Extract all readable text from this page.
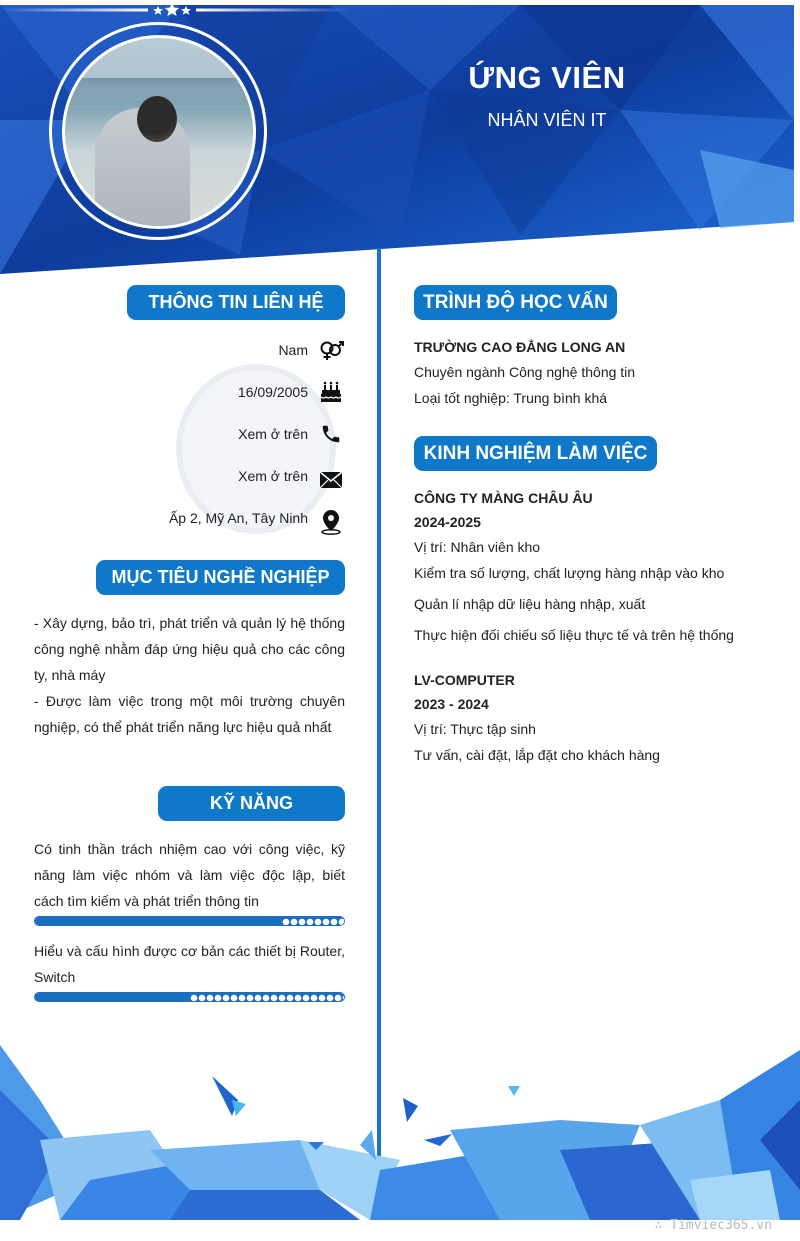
ỨNG VIÊN
NHÂN VIÊN IT
THÔNG TIN LIÊN HỆ
Nam
16/09/2005
Xem ở trên
Xem ở trên
Ấp 2, Mỹ An, Tây Ninh
MỤC TIÊU NGHỀ NGHIỆP
- Xây dựng, bảo trì, phát triển và quản lý hệ thống công nghệ nhằm đáp ứng hiệu quả cho các công ty, nhà máy
- Được làm việc trong một môi trường chuyên nghiệp, có thể phát triển năng lực hiệu quả nhất
KỸ NĂNG
Có tinh thần trách nhiệm cao với công việc, kỹ năng làm việc nhóm và làm việc độc lập, biết cách tìm kiếm và phát triển thông tin
Hiểu và cấu hình được cơ bản các thiết bị Router, Switch
TRÌNH ĐỘ HỌC VẤN
TRƯỜNG CAO ĐẲNG LONG AN
Chuyên ngành Công nghệ thông tin
Loại tốt nghiệp: Trung bình khá
KINH NGHIỆM LÀM VIỆC
CÔNG TY MÀNG CHÂU ÂU
2024-2025
Vị trí: Nhân viên kho
Kiểm tra số lượng, chất lượng hàng nhập vào kho
Quản lí nhập dữ liệu hàng nhập, xuất
Thực hiện đối chiếu số liệu thực tế và trên hệ thống
LV-COMPUTER
2023 - 2024
Vị trí: Thực tập sinh
Tư vấn, cài đặt, lắp đặt cho khách hàng
∴ Timviec365.vn
